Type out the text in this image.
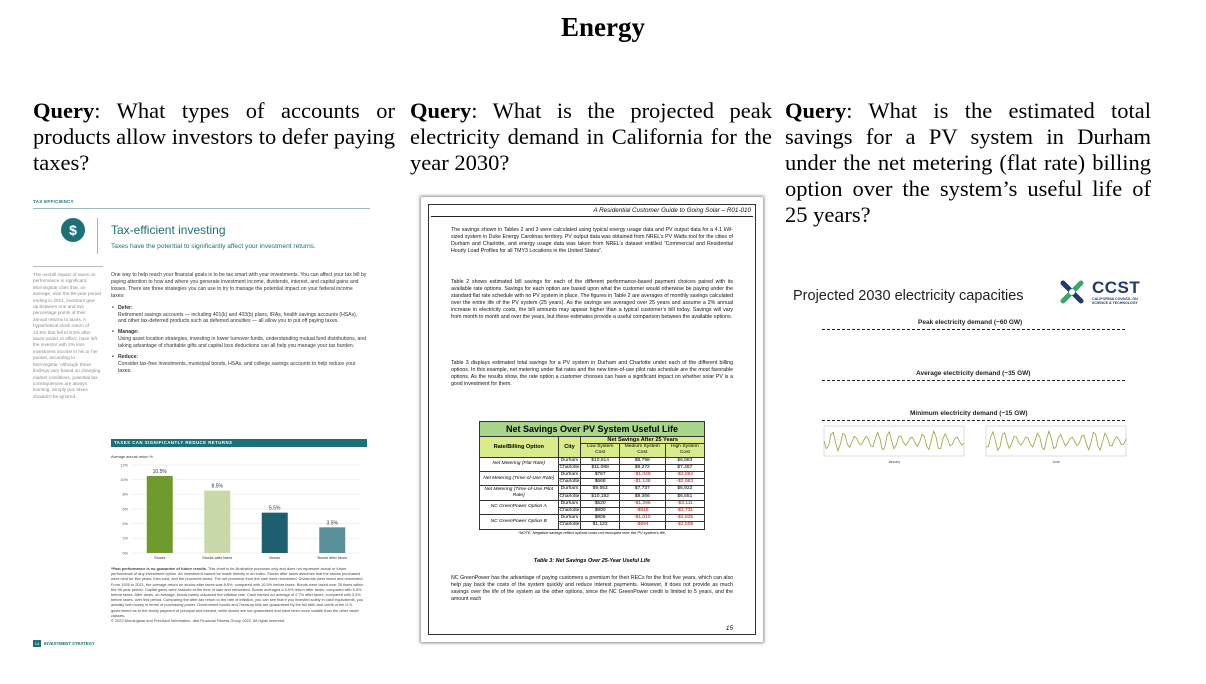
Energy
Query: What types of accounts or products allow investors to defer paying taxes?
Query: What is the projected peak electricity demand in California for the year 2030?
Query: What is the estimated total savings for a PV system in Durham under the net metering (flat rate) billing option over the system’s useful life of 25 years?
TAX EFFICIENCY
$	Tax-efficient investing
Taxes have the potential to significantly affect your investment returns.
The overall impact of taxes on performance is significant. Morningstar cites that, on average, over the 96-year period ending in 2021, investors give up between one and two percentage points of their annual returns to taxes. A hypothetical stock return of 10.5% that fell to 8.5% after taxes would, in effect, have left the investor with 2% less investment income in his or her pocket, according to Morningstar. Although these findings vary based on changing market conditions, potential tax consequences are always looming. Simply put, taxes shouldn't be ignored.

One way to help reach your financial goals is to be tax smart with your investments. You can affect your tax bill by paying attention to how and where you generate investment income, dividends, interest, and capital gains and losses. There are three strategies you can use to try to manage the potential impact on your federal income taxes:

• Defer:
Retirement savings accounts — including 401(k) and 403(b) plans, IRAs, health savings accounts (HSAs), and other tax-deferred products such as deferred annuities — all allow you to put off paying taxes.
• Manage:
Using asset location strategies, investing in lower turnover funds, understanding mutual fund distributions, and taking advantage of charitable gifts and capital loss deductions can all help you manage your tax burden.
• Reduce:
Consider tax-free investments, municipal bonds, HSAs, and college savings accounts to help reduce your taxes.
TAXES CAN SIGNIFICANTLY REDUCE RETURNS
Average annual return %
0%
2%
4%
6%
8%
10%
12%
10.5%
Stocks
8.5%
Stocks after taxes
5.5%
Bonds
3.5%
Bonds after taxes
*Past performance is no guarantee of future results. This chart is for illustrative purposes only and does not represent actual or future performance of any investment option. An investment cannot be made directly in an index. Stocks after taxes assumes that the stocks purchased were held for five years, then sold, and the proceeds taxed. The net proceeds from the sale were reinvested. Dividends were taxed and reinvested. From 1926 to 2021, the average return on stocks after taxes was 8.5%, compared with 10.5% before taxes. Bonds were taxed over 28 times within the 96-year period. Capital gains were realized at the time of sale and reinvested. Bonds averaged a 5.5% return after taxes, compared with 5.5% before taxes. After taxes, on average, bonds barely outpaced the inflation rate. Cash earned an average of 2.7% after taxes, compared with 3.3% before taxes, over this period. Comparing the after-tax return to the rate of inflation, you can see that if you invested solely in cash equivalents, you actually lost money in terms of purchasing power. Government bonds and Treasury bills are guaranteed by the full faith and credit of the U.S. government as to the timely payment of principal and interest, while stocks are not guaranteed and have been more volatile than the other asset classes.
© 2022 Morningstar and Precision Information, dba Financial Fitness Group 2022. All rights reserved.
14	INVESTMENT STRATEGY
A Residential Customer Guide to Going Solar – R01-010
The savings shown in Tables 2 and 3 were calculated using typical energy usage data and PV output data for a 4.1 kW-sized system in Duke Energy Carolinas territory. PV output data was obtained from NREL’s PV Watts tool for the cities of Durham and Charlotte, and energy usage data was taken from NREL’s dataset entitled “Commercial and Residential Hourly Load Profiles for all TMY3 Locations in the United States”.
Table 2 shows estimated bill savings for each of the different performance-based payment choices paired with its available rate options. Savings for each option are based upon what the customer would otherwise be paying under the standard flat rate schedule with no PV system in place. The figures in Table 2 are averages of monthly savings calculated over the entire life of the PV system (25 years). As the savings are averaged over 25 years and assume a 2% annual increase in electricity costs, the bill amounts may appear higher than a typical customer’s bill today. Savings will vary from month to month and over the years, but these estimates provide a useful comparison between the available options.
Table 3 displays estimated total savings for a PV system in Durham and Charlotte under each of the different billing options. In this example, net metering under flat rates and the new time-of-use pilot rate schedule are the most favorable options. As the results show, the rate option a customer chooses can have a significant impact on whether solar PV is a good investment for them.
Net Savings Over PV System Useful Life				
Rate/Billing Option	City	Net Savings After 25 Years		
		Low System Cost	Medium System Cost	High System Cost
Net Metering (Flat Rate)	Durham	$10,614	$8,798	$6,983
	Charlotte	$11,088	$9,272	$7,457
Net Metering (Time-of-Use Rate)	Durham	$767	-$1,049	-$2,864
	Charlotte	$668	-$1,148	-$2,963
Net Metering (Time-of-Use Pilot Rate)	Durham	$9,553	$7,737	$5,922
	Charlotte	$10,182	$8,366	$6,551
NC GreenPower Option A	Durham	$520	-$1,296	-$3,111
	Charlotte	$900	-$916	-$2,731
NC GreenPower Option B	Durham	$806	-$1,010	-$2,825
	Charlotte	$1,122	-$694	-$2,509
*NOTE: Negative savings reflect upfront costs not recouped over the PV system’s life.				
Table 3: Net Savings Over 25-Year Useful Life
NC GreenPower has the advantage of paying customers a premium for their RECs for the first five years, which can also help pay back the costs of the system quickly and reduce interest payments. However, it does not provide as much savings over the life of the system as the other options, since the NC GreenPower credit is limited to 5 years, and the amount each
15
Projected 2030 electricity capacities	CCST
CALIFORNIA COUNCIL ON
SCIENCE & TECHNOLOGY
Peak electricity demand (~60 GW)
Average electricity demand (~35 GW)
Minimum electricity demand (~15 GW)
January	June
